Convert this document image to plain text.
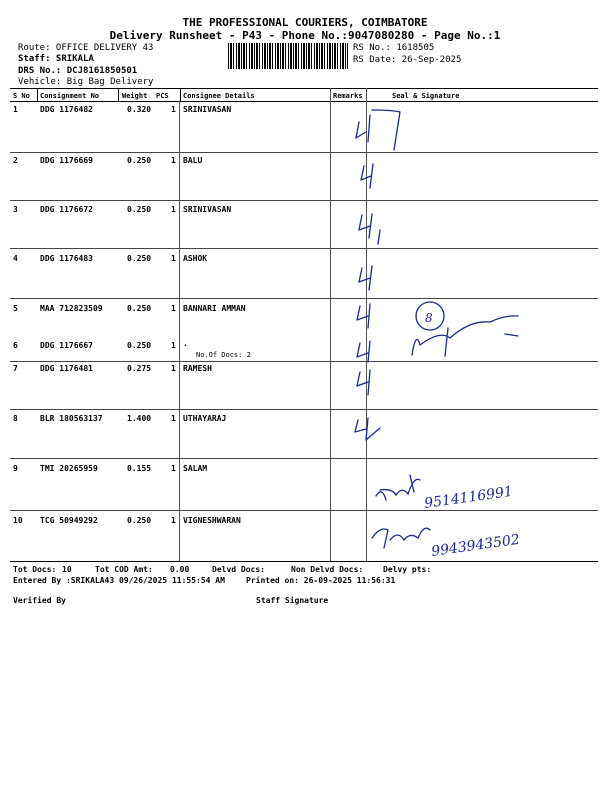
THE PROFESSIONAL COURIERS, COIMBATORE
Delivery Runsheet - P43 - Phone No.:9047080280 - Page No.:1
Route: OFFICE DELIVERY 43
Staff: SRIKALA
DRS No.: DCJ8161850501
Vehicle: Big Bag Delivery
RS No.: 1618505
RS Date: 26-Sep-2025
S No Consignment No	Weight PCS Consignee Details	Remarks	Seal & Signature
1	DDG 1176482	0.320 1 SRINIVASAN
2	DDG 1176669	0.250 1 BALU
3	DDG 1176672	0.250 1 SRINIVASAN
4	DDG 1176483	0.250 1 ASHOK
5	MAA 712823509	0.250 1 BANNARI AMMAN
6	DDG 1176667	0.250 1 .
No.Of Docs: 2
7	DDG 1176481	0.275 1 RAMESH
8	BLR 180563137	1.400 1 UTHAYARAJ
9	TMI 20265959	0.155 1 SALAM
10 TCG 50949292	0.250 1 VIGNESHWARAN
8
9514116991
9943943502
Tot Docs: 10	Tot COD Amt: 0.00	Delvd Docs:	Non Delvd Docs: Delvy pts:
Entered By :SRIKALA43 09/26/2025 11:55:54 AM	Printed on: 26-09-2025 11:56:31
Verified By	Staff Signature
